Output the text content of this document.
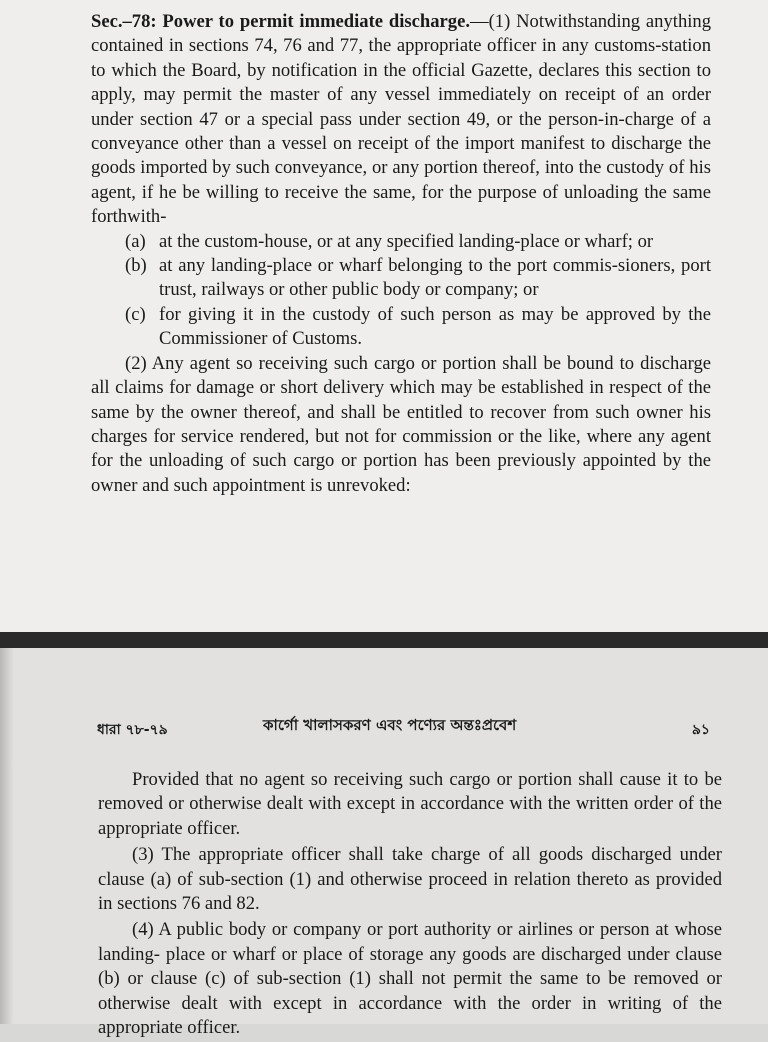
Sec.–78: Power to permit immediate discharge.—(1) Notwithstanding anything contained in sections 74, 76 and 77, the appropriate officer in any customs-station to which the Board, by notification in the official Gazette, declares this section to apply, may permit the master of any vessel immediately on receipt of an order under section 47 or a special pass under section 49, or the person-in-charge of a conveyance other than a vessel on receipt of the import manifest to discharge the goods imported by such conveyance, or any portion thereof, into the custody of his agent, if he be willing to receive the same, for the purpose of unloading the same forthwith-

(a) at the custom-house, or at any specified landing-place or wharf; or

(b) at any landing-place or wharf belonging to the port commis-sioners, port trust, railways or other public body or company; or

(c) for giving it in the custody of such person as may be approved by the Commissioner of Customs.

(2) Any agent so receiving such cargo or portion shall be bound to discharge all claims for damage or short delivery which may be established in respect of the same by the owner thereof, and shall be entitled to recover from such owner his charges for service rendered, but not for commission or the like, where any agent for the unloading of such cargo or portion has been previously appointed by the owner and such appointment is unrevoked:

ধারা ৭৮-৭৯	কার্গো খালাসকরণ এবং পণ্যের অন্তঃপ্রবেশ	৯১

Provided that no agent so receiving such cargo or portion shall cause it to be removed or otherwise dealt with except in accordance with the written order of the appropriate officer.

(3) The appropriate officer shall take charge of all goods discharged under clause (a) of sub-section (1) and otherwise proceed in relation thereto as provided in sections 76 and 82.

(4) A public body or company or port authority or airlines or person at whose landing- place or wharf or place of storage any goods are discharged under clause (b) or clause (c) of sub-section (1) shall not permit the same to be removed or otherwise dealt with except in accordance with the order in writing of the appropriate officer.
